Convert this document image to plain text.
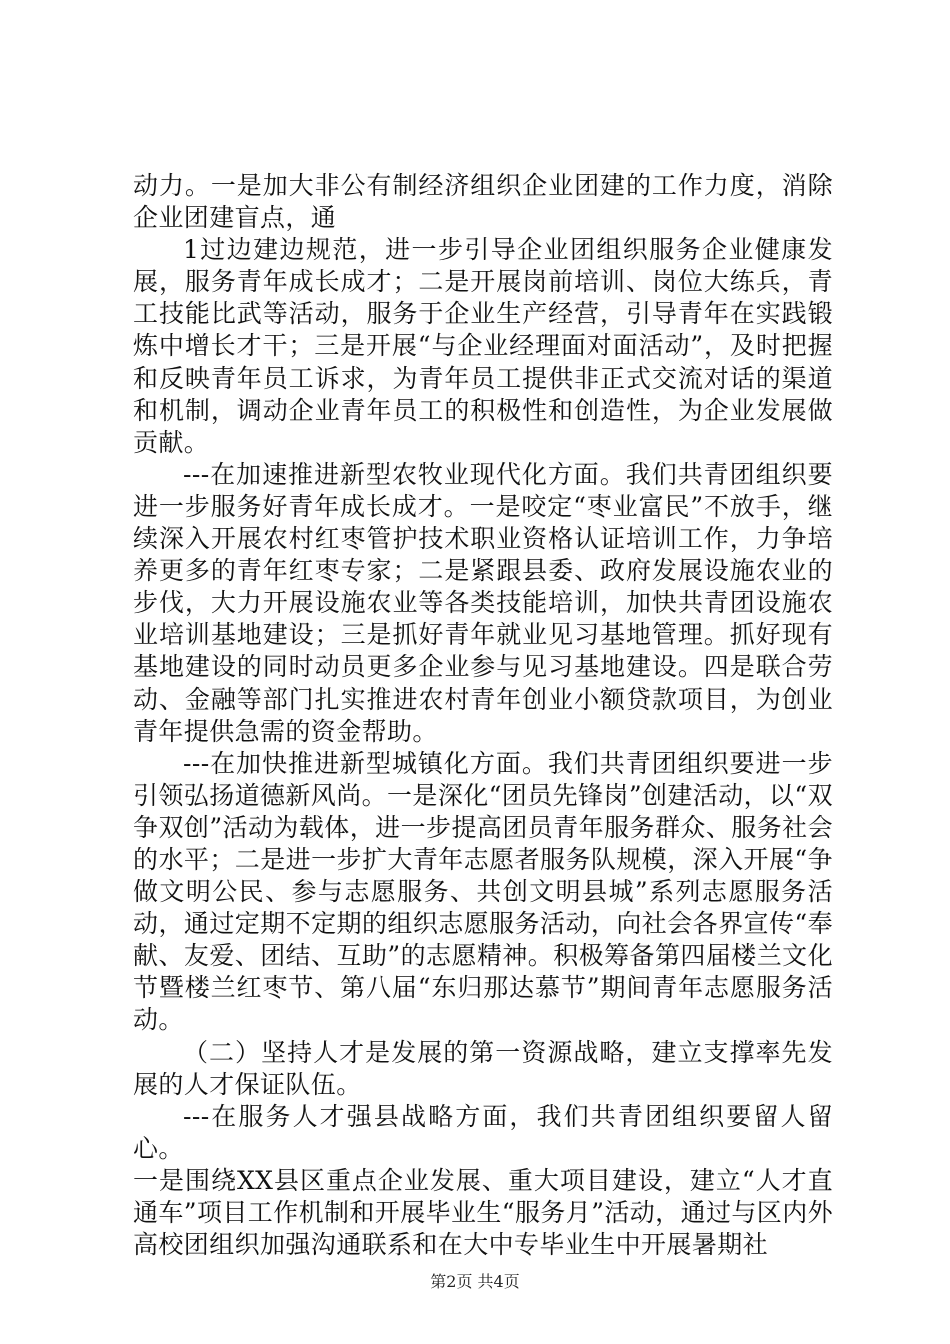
动力。一是加大非公有制经济组织企业团建的工作力度，消除企业团建盲点，通

1过边建边规范，进一步引导企业团组织服务企业健康发展，服务青年成长成才；二是开展岗前培训、岗位大练兵，青工技能比武等活动，服务于企业生产经营，引导青年在实践锻炼中增长才干；三是开展“与企业经理面对面活动”，及时把握和反映青年员工诉求，为青年员工提供非正式交流对话的渠道和机制，调动企业青年员工的积极性和创造性，为企业发展做贡献。

---在加速推进新型农牧业现代化方面。我们共青团组织要进一步服务好青年成长成才。一是咬定“枣业富民”不放手，继续深入开展农村红枣管护技术职业资格认证培训工作，力争培养更多的青年红枣专家；二是紧跟县委、政府发展设施农业的步伐，大力开展设施农业等各类技能培训，加快共青团设施农业培训基地建设；三是抓好青年就业见习基地管理。抓好现有基地建设的同时动员更多企业参与见习基地建设。四是联合劳动、金融等部门扎实推进农村青年创业小额贷款项目，为创业青年提供急需的资金帮助。

---在加快推进新型城镇化方面。我们共青团组织要进一步引领弘扬道德新风尚。一是深化“团员先锋岗”创建活动，以“双争双创”活动为载体，进一步提高团员青年服务群众、服务社会的水平；二是进一步扩大青年志愿者服务队规模，深入开展“争做文明公民、参与志愿服务、共创文明县城”系列志愿服务活动，通过定期不定期的组织志愿服务活动，向社会各界宣传“奉献、友爱、团结、互助”的志愿精神。积极筹备第四届楼兰文化节暨楼兰红枣节、第八届“东归那达慕节”期间青年志愿服务活动。

（二）坚持人才是发展的第一资源战略，建立支撑率先发展的人才保证队伍。

---在服务人才强县战略方面，我们共青团组织要留人留心。

一是围绕XX县区重点企业发展、重大项目建设，建立“人才直通车”项目工作机制和开展毕业生“服务月”活动，通过与区内外高校团组织加强沟通联系和在大中专毕业生中开展暑期社

第2页 共4页
